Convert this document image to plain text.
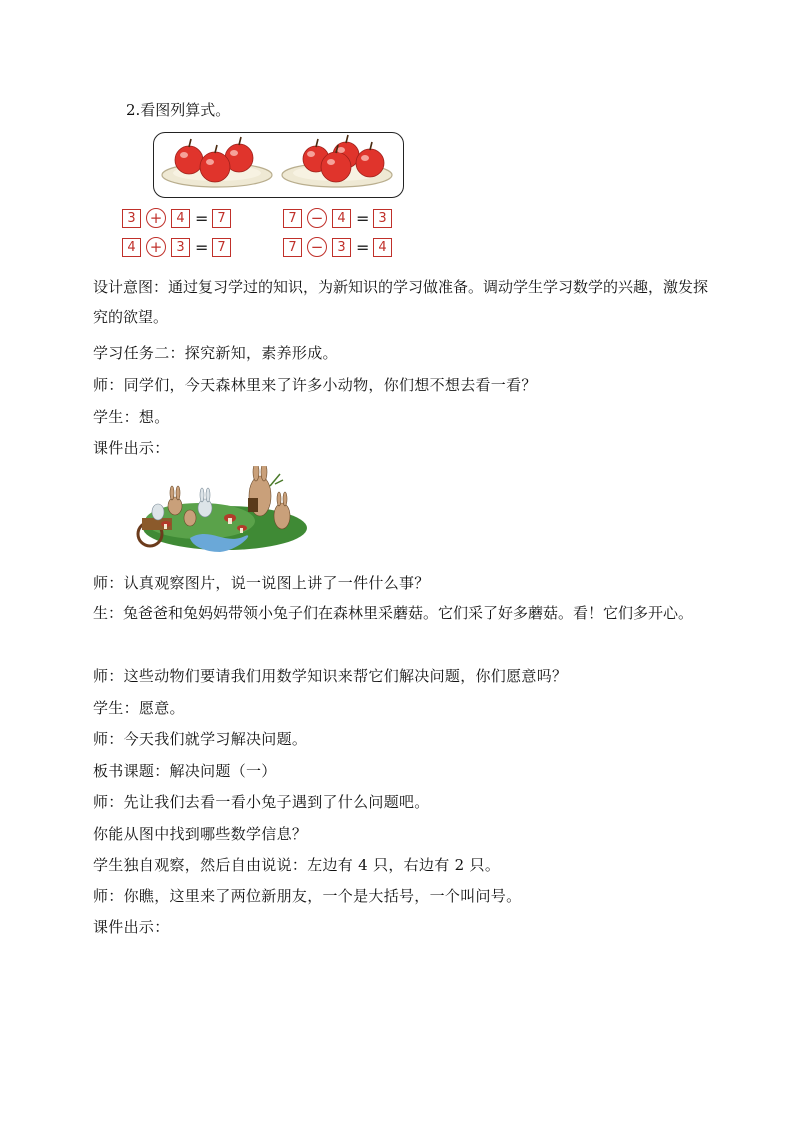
2.看图列算式。
3 +	4 = 7	7 −	4 = 3
4 +	3 = 7	7 −	3 = 4
设计意图：通过复习学过的知识，为新知识的学习做准备。调动学生学习数学的兴趣，激发探究的欲望。
学习任务二：探究新知，素养形成。
师：同学们，今天森林里来了许多小动物，你们想不想去看一看？
学生：想。
课件出示：
师：认真观察图片，说一说图上讲了一件什么事？
生：兔爸爸和兔妈妈带领小兔子们在森林里采蘑菇。它们采了好多蘑菇。看！它们多开心。
师：这些动物们要请我们用数学知识来帮它们解决问题，你们愿意吗？
学生：愿意。
师：今天我们就学习解决问题。
板书课题：解决问题（一）
师：先让我们去看一看小兔子遇到了什么问题吧。
你能从图中找到哪些数学信息？
学生独自观察，然后自由说说：左边有 4 只，右边有 2 只。
师：你瞧，这里来了两位新朋友，一个是大括号，一个叫问号。
课件出示：
